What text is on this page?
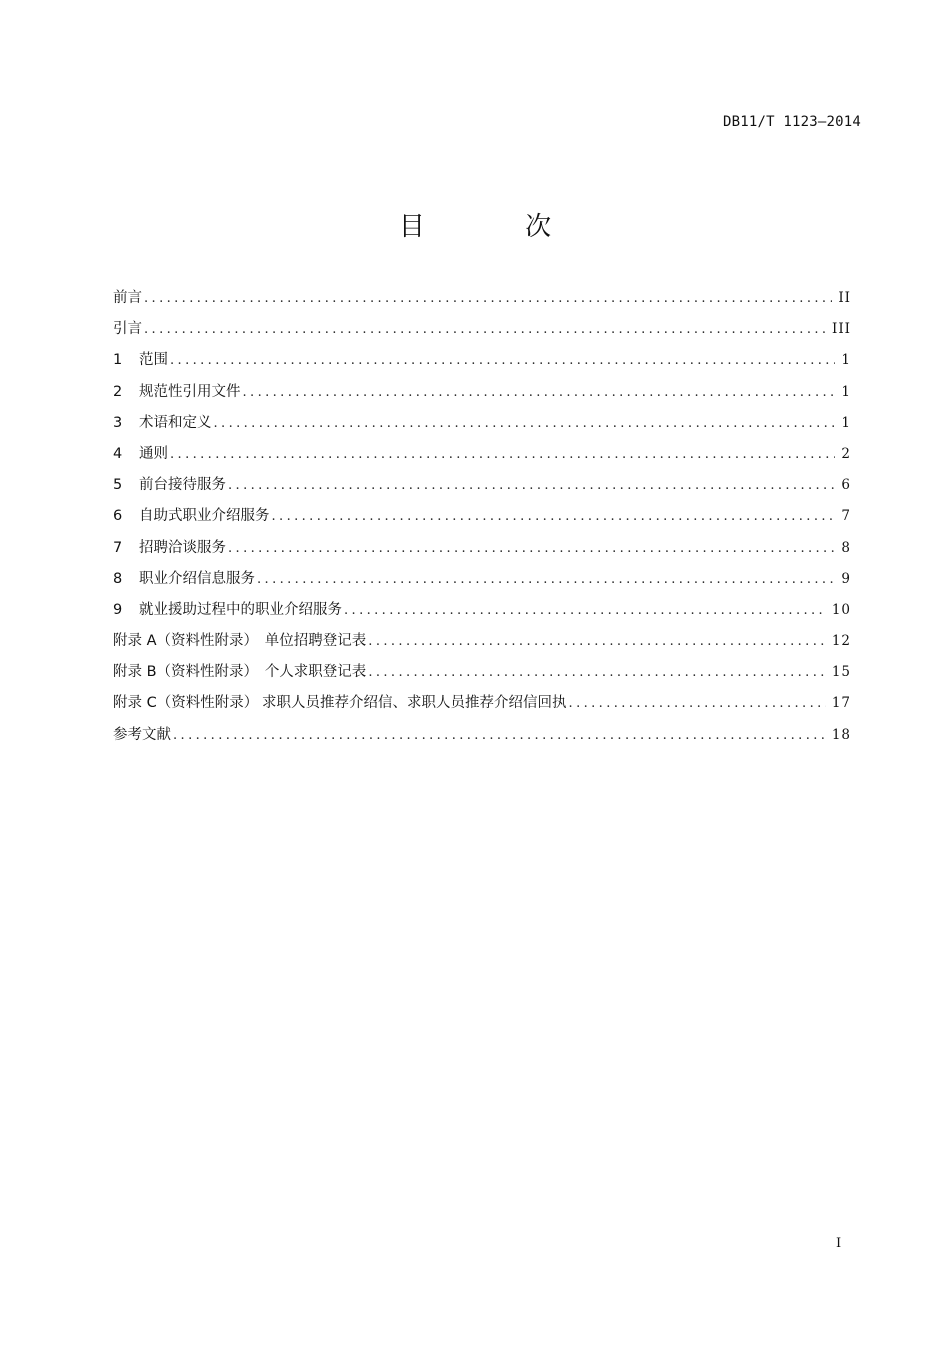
DB11/T 1123—2014
目 次
前言 .....	II
引言 .....	III
1	范围 .....	1
2	规范性引用文件 .....	1
3	术语和定义 .....	1
4	通则 .....	2
5	前台接待服务 .....	6
6	自助式职业介绍服务 .....	7
7	招聘洽谈服务 .....	8
8	职业介绍信息服务 .....	9
9	就业援助过程中的职业介绍服务 .....	10
附录 A（资料性附录） 单位招聘登记表 .....	12
附录 B（资料性附录） 个人求职登记表 .....	15
附录 C（资料性附录） 求职人员推荐介绍信、求职人员推荐介绍信回执 .....	17
参考文献 .....	18
I
